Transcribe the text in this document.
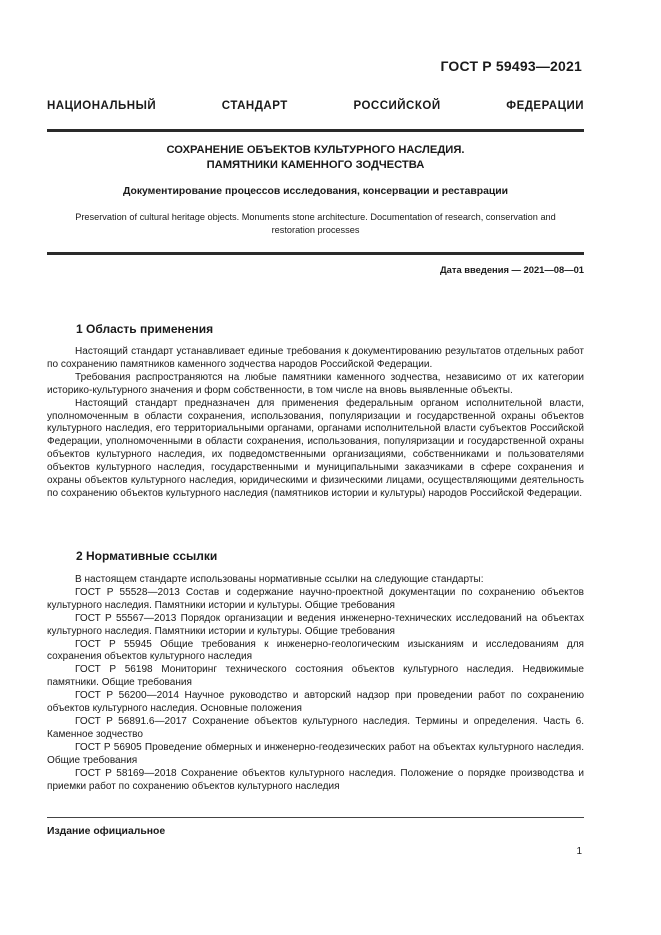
ГОСТ Р 59493—2021
НАЦИОНАЛЬНЫЙ СТАНДАРТ РОССИЙСКОЙ ФЕДЕРАЦИИ
СОХРАНЕНИЕ ОБЪЕКТОВ КУЛЬТУРНОГО НАСЛЕДИЯ.
ПАМЯТНИКИ КАМЕННОГО ЗОДЧЕСТВА
Документирование процессов исследования, консервации и реставрации
Preservation of cultural heritage objects. Monuments stone architecture. Documentation of research, conservation and
restoration processes
Дата введения — 2021—08—01
1 Область применения

Настоящий стандарт устанавливает единые требования к документированию результатов отдельных работ по сохранению памятников каменного зодчества народов Российской Федерации.

Требования распространяются на любые памятники каменного зодчества, независимо от их категории историко-культурного значения и форм собственности, в том числе на вновь выявленные объекты.

Настоящий стандарт предназначен для применения федеральным органом исполнительной власти, уполномоченным в области сохранения, использования, популяризации и государственной охраны объектов культурного наследия, его территориальными органами, органами исполнительной власти субъектов Российской Федерации, уполномоченными в области сохранения, использования, популяризации и государственной охраны объектов культурного наследия, их подведомственными организациями, собственниками и пользователями объектов культурного наследия, государственными и муниципальными заказчиками в сфере сохранения и охраны объектов культурного наследия, юридическими и физическими лицами, осуществляющими деятельность по сохранению объектов культурного наследия (памятников истории и культуры) народов Российской Федерации.

2 Нормативные ссылки

В настоящем стандарте использованы нормативные ссылки на следующие стандарты:

ГОСТ Р 55528—2013 Состав и содержание научно-проектной документации по сохранению объектов культурного наследия. Памятники истории и культуры. Общие требования

ГОСТ Р 55567—2013 Порядок организации и ведения инженерно-технических исследований на объектах культурного наследия. Памятники истории и культуры. Общие требования

ГОСТ Р 55945 Общие требования к инженерно-геологическим изысканиям и исследованиям для сохранения объектов культурного наследия

ГОСТ Р 56198 Мониторинг технического состояния объектов культурного наследия. Недвижимые памятники. Общие требования

ГОСТ Р 56200—2014 Научное руководство и авторский надзор при проведении работ по сохранению объектов культурного наследия. Основные положения

ГОСТ Р 56891.6—2017 Сохранение объектов культурного наследия. Термины и определения. Часть 6. Каменное зодчество

ГОСТ Р 56905 Проведение обмерных и инженерно-геодезических работ на объектах культурного наследия. Общие требования

ГОСТ Р 58169—2018 Сохранение объектов культурного наследия. Положение о порядке производства и приемки работ по сохранению объектов культурного наследия

Издание официальное
1
